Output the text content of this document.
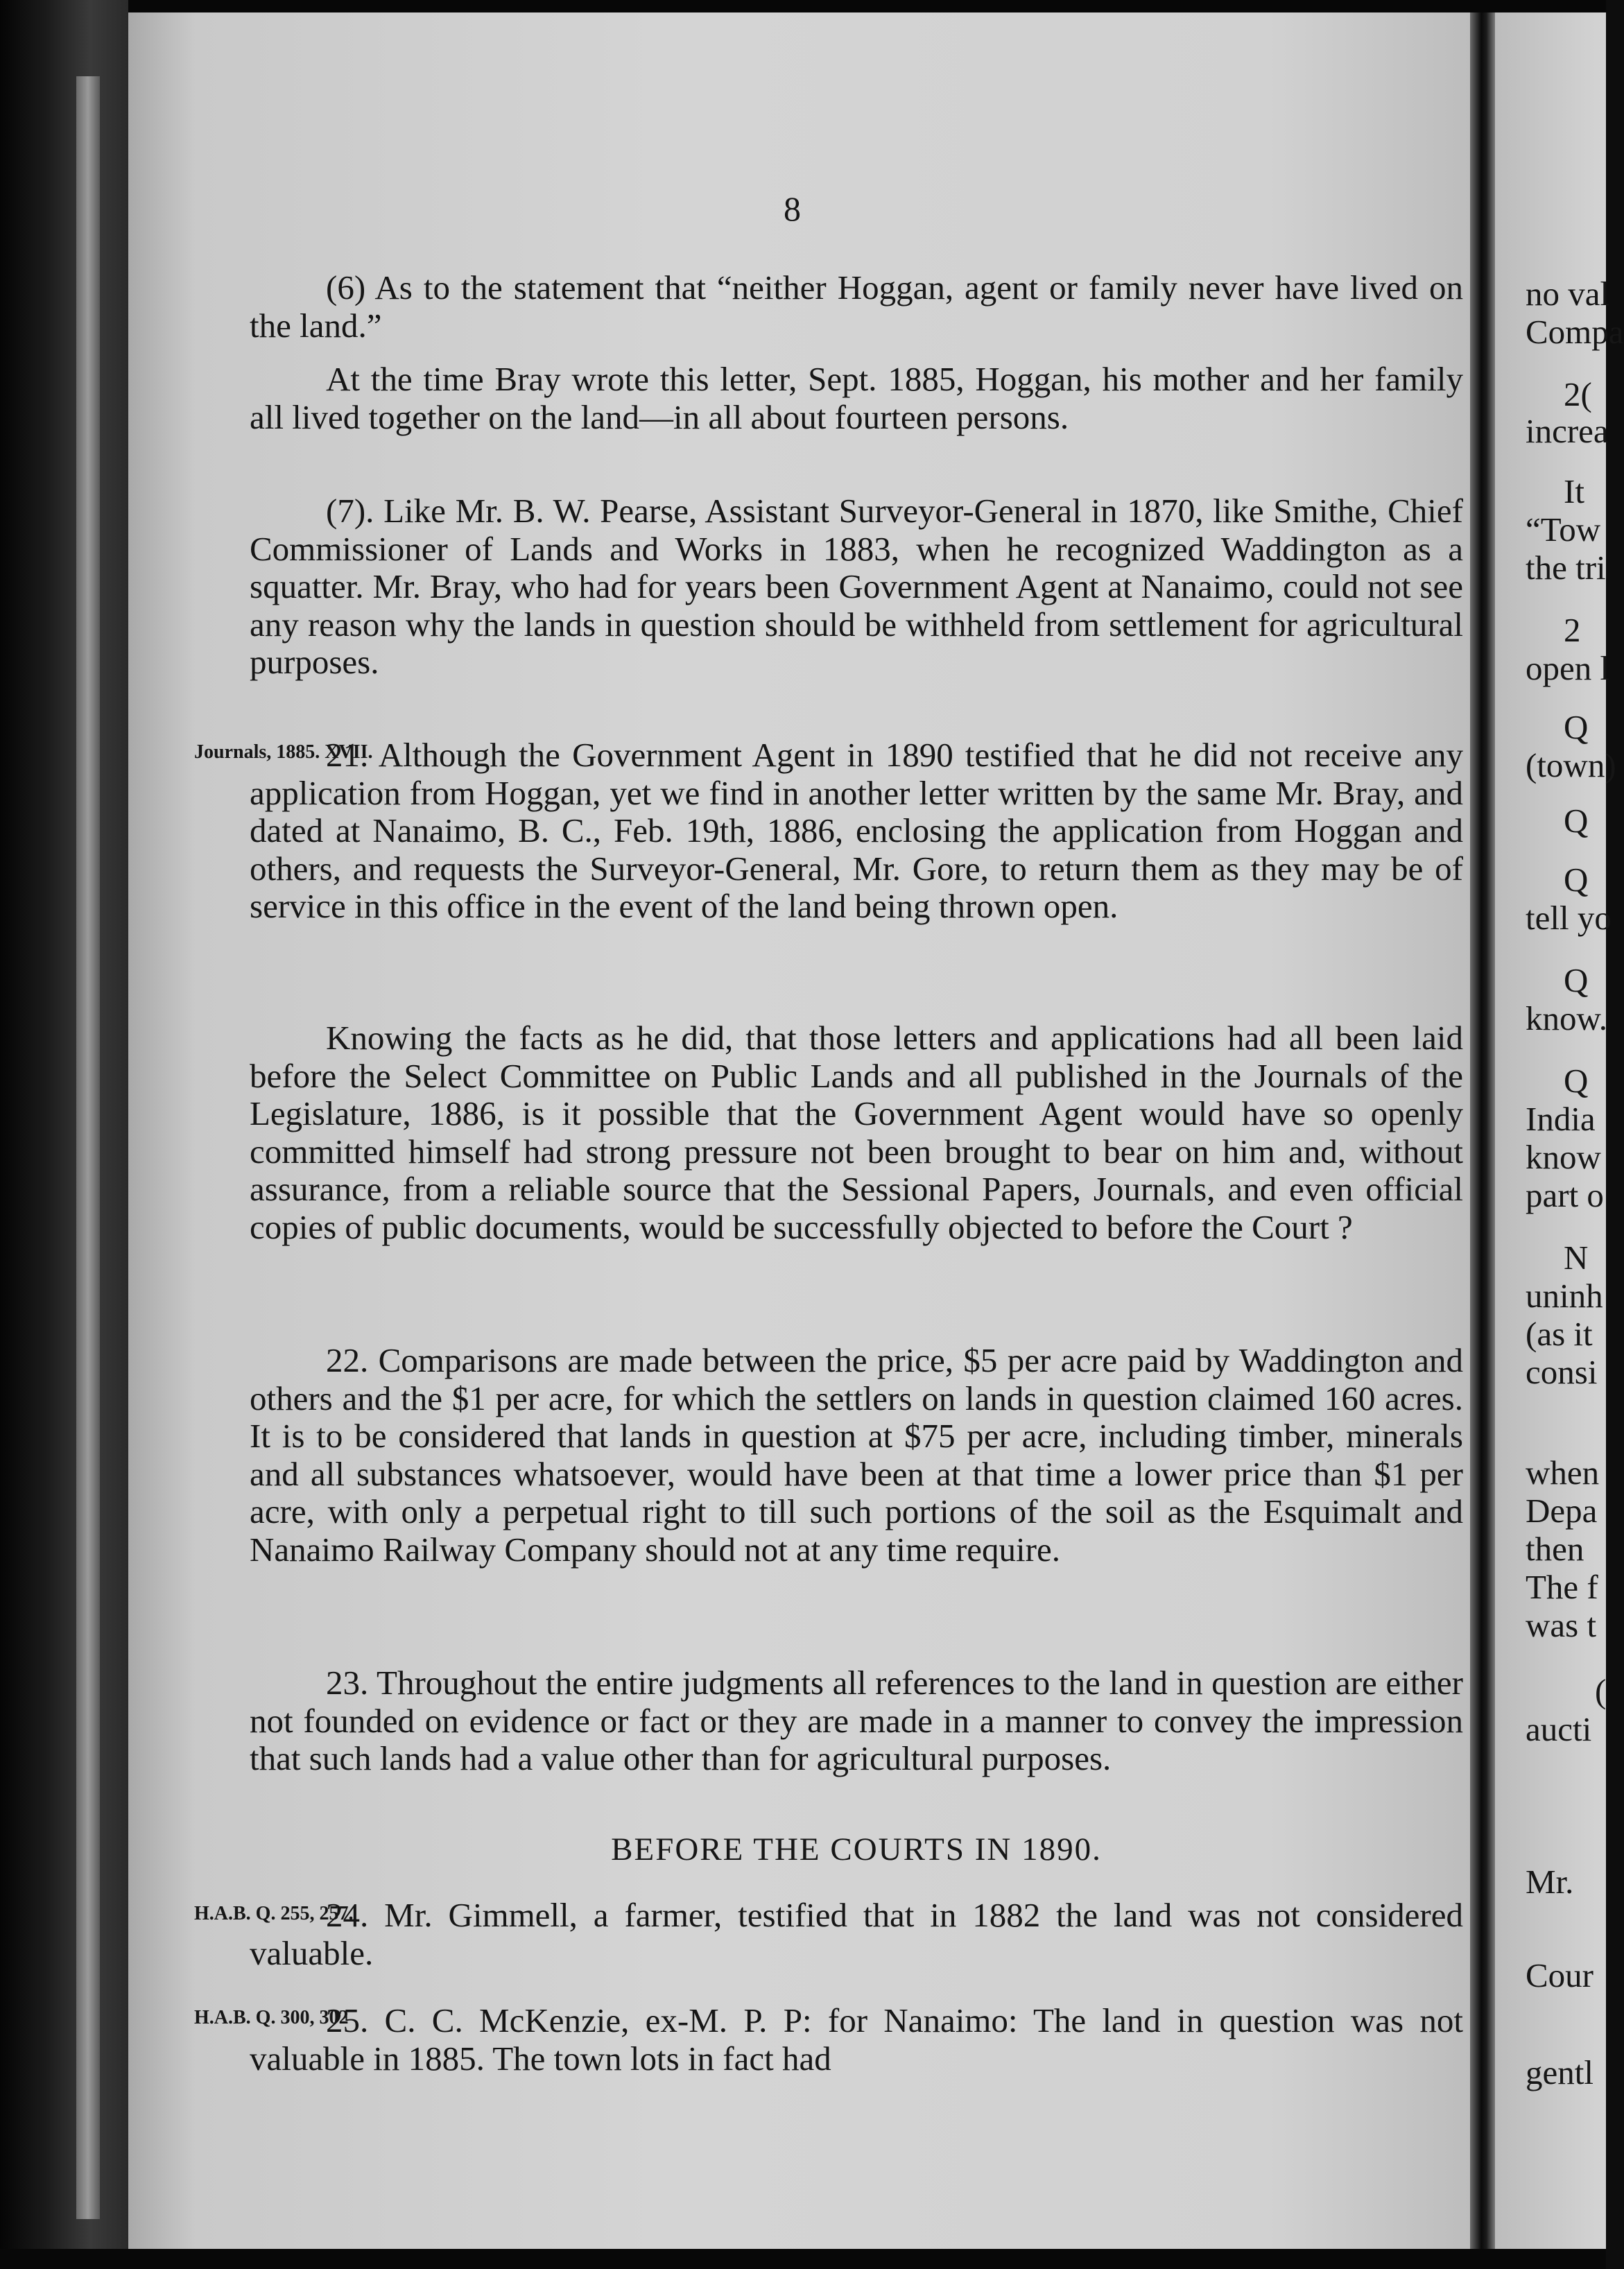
8

(6) As to the statement that “neither Hoggan, agent or family never have lived on the land.”

At the time Bray wrote this letter, Sept. 1885, Hoggan, his mother and her family all lived together on the land—in all about fourteen persons.

(7). Like Mr. B. W. Pearse, Assistant Surveyor-General in 1870, like Smithe, Chief Commissioner of Lands and Works in 1883, when he recognized Waddington as a squatter. Mr. Bray, who had for years been Government Agent at Nanaimo, could not see any reason why the lands in question should be withheld from settlement for agricultural purposes.

Journals, 1885. XVII.

21. Although the Government Agent in 1890 testified that he did not receive any application from Hoggan, yet we find in another letter written by the same Mr. Bray, and dated at Nanaimo, B. C., Feb. 19th, 1886, enclosing the application from Hoggan and others, and requests the Surveyor-General, Mr. Gore, to return them as they may be of service in this office in the event of the land being thrown open.

Knowing the facts as he did, that those letters and applications had all been laid before the Select Committee on Public Lands and all published in the Journals of the Legislature, 1886, is it possible that the Government Agent would have so openly committed himself had strong pressure not been brought to bear on him and, without assurance, from a reliable source that the Sessional Papers, Journals, and even official copies of public documents, would be successfully objected to before the Court ?

22. Comparisons are made between the price, $5 per acre paid by Waddington and others and the $1 per acre, for which the settlers on lands in question claimed 160 acres. It is to be considered that lands in question at $75 per acre, including timber, minerals and all substances whatsoever, would have been at that time a lower price than $1 per acre, with only a perpetual right to till such portions of the soil as the Esquimalt and Nanaimo Railway Company should not at any time require.

23. Throughout the entire judgments all references to the land in question are either not founded on evidence or fact or they are made in a manner to convey the impression that such lands had a value other than for agricultural purposes.

BEFORE THE COURTS IN 1890.
H.A.B. Q. 255, 257.

24. Mr. Gimmell, a farmer, testified that in 1882 the land was not considered valuable.

H.A.B. Q. 300, 302

25. C. C. McKenzie, ex-M. P. P: for Nanaimo: The land in question was not valuable in 1885. The town lots in fact had

no val
Compa
2(
increa
It
“Tow
the tri
2
open l
Q
(town)
Q
Q
tell yo
Q
know.
Q
India
know
part o
N
uninh
(as it
consi
when
Depa
then
The f
was t
(
aucti
Mr.
Cour
gentl
